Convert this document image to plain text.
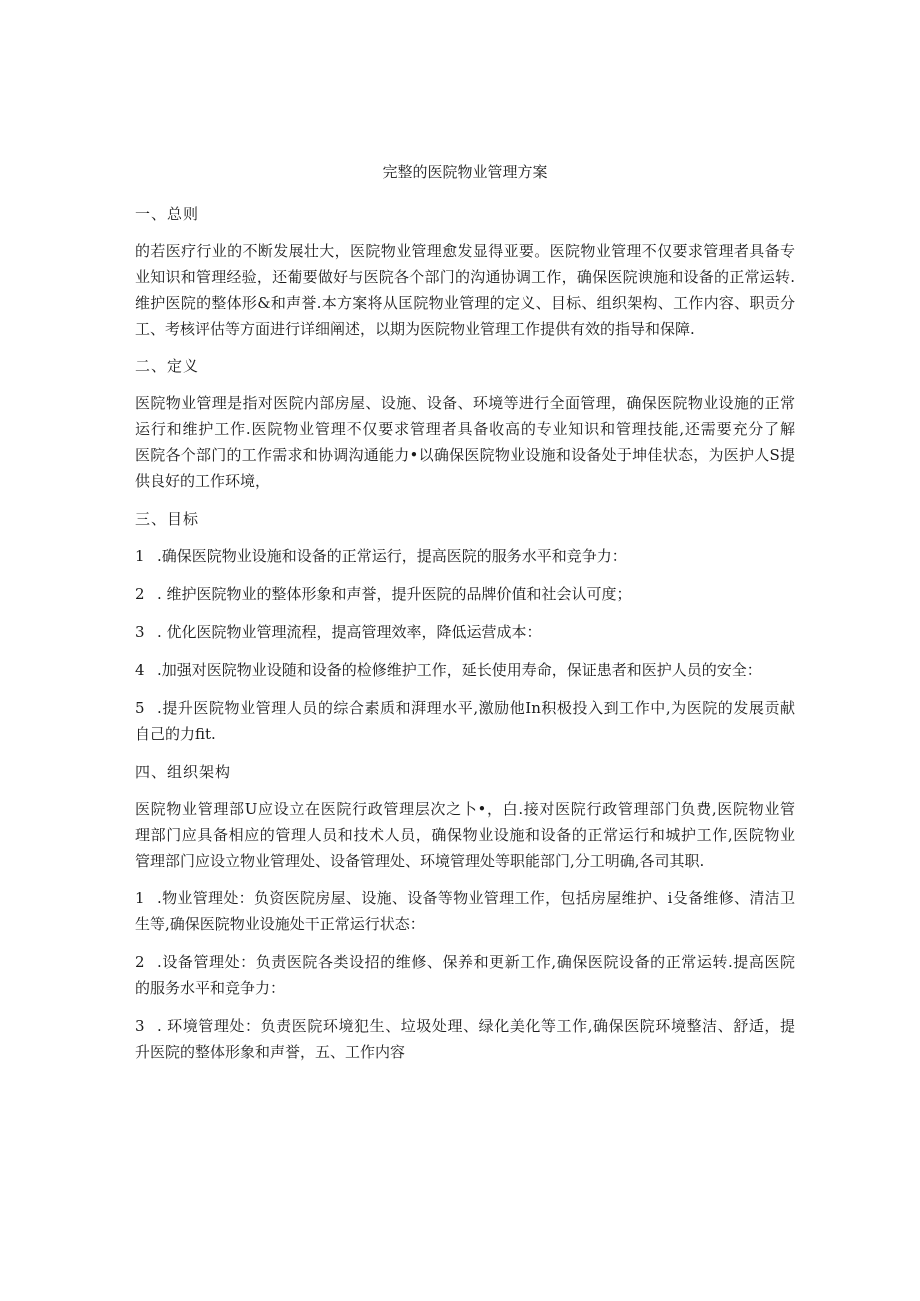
完整的医院物业管理方案
一、总则
的若医疗行业的不断发展壮大，医院物业管理愈发显得亚要。医院物业管理不仅要求管理者具备专
业知识和管理经验，还葡要做好与医院各个部门的沟通协调工作，确保医院谀施和设备的正常运转.
维护医院的整体形&和声誉.本方案将从匡院物业管理的定义、目标、组织架构、工作内容、职贡分
工、考核评估等方面进行详细阐述，以期为医院物业管理工作提供有效的指导和保障.
二、定义
医院物业管理是指对医院内部房屋、设施、设备、环境等进行全面管理，确保医院物业设施的正常
运行和维护工作.医院物业管理不仅要求管理者具备收高的专业知识和管理技能,还需要充分了解
医院各个部门的工作需求和协调沟通能力•以确保医院物业设施和设备处于坤佳状态，为医护人S提
供良好的工作环境，
三、目标
1 .确保医院物业设施和设备的正常运行，提高医院的服务水平和竞争力：
2 . 维护医院物业的整体形象和声誉，提升医院的品牌价值和社会认可度；
3 . 优化医院物业管理流程，提高管理效率，降低运营成本：
4 .加强对医院物业设随和设备的检修维护工作，延长使用寿命，保证患者和医护人员的安全：
5 .提升医院物业管理人员的综合素质和湃理水平,激励他In积极投入到工作中,为医院的发展贡献
自己的力fit.
四、组织架构
医院物业管理部U应设立在医院行政管理层次之卜•，白.接对医院行政管理部门负费,医院物业管
理部门应具备相应的管理人员和技术人员，确保物业设施和设备的正常运行和城护工作,医院物业
管理部门应设立物业管理处、设备管理处、环境管理处等职能部门,分工明确,各司其职.
1 .物业管理处：负资医院房屋、设施、设备等物业管理工作，包括房屋维护、i殳备维修、清洁卫
生等,确保医院物业设施处干正常运行状态：
2 .设备管理处：负责医院各类设招的维修、保养和更新工作,确保医院设备的正常运转.提高医院
的服务水平和竞争力：
3 . 环境管理处：负责医院环境犯生、垃圾处理、绿化美化等工作,确保医院环境整洁、舒适，提
升医院的整体形象和声誉，五、工作内容
